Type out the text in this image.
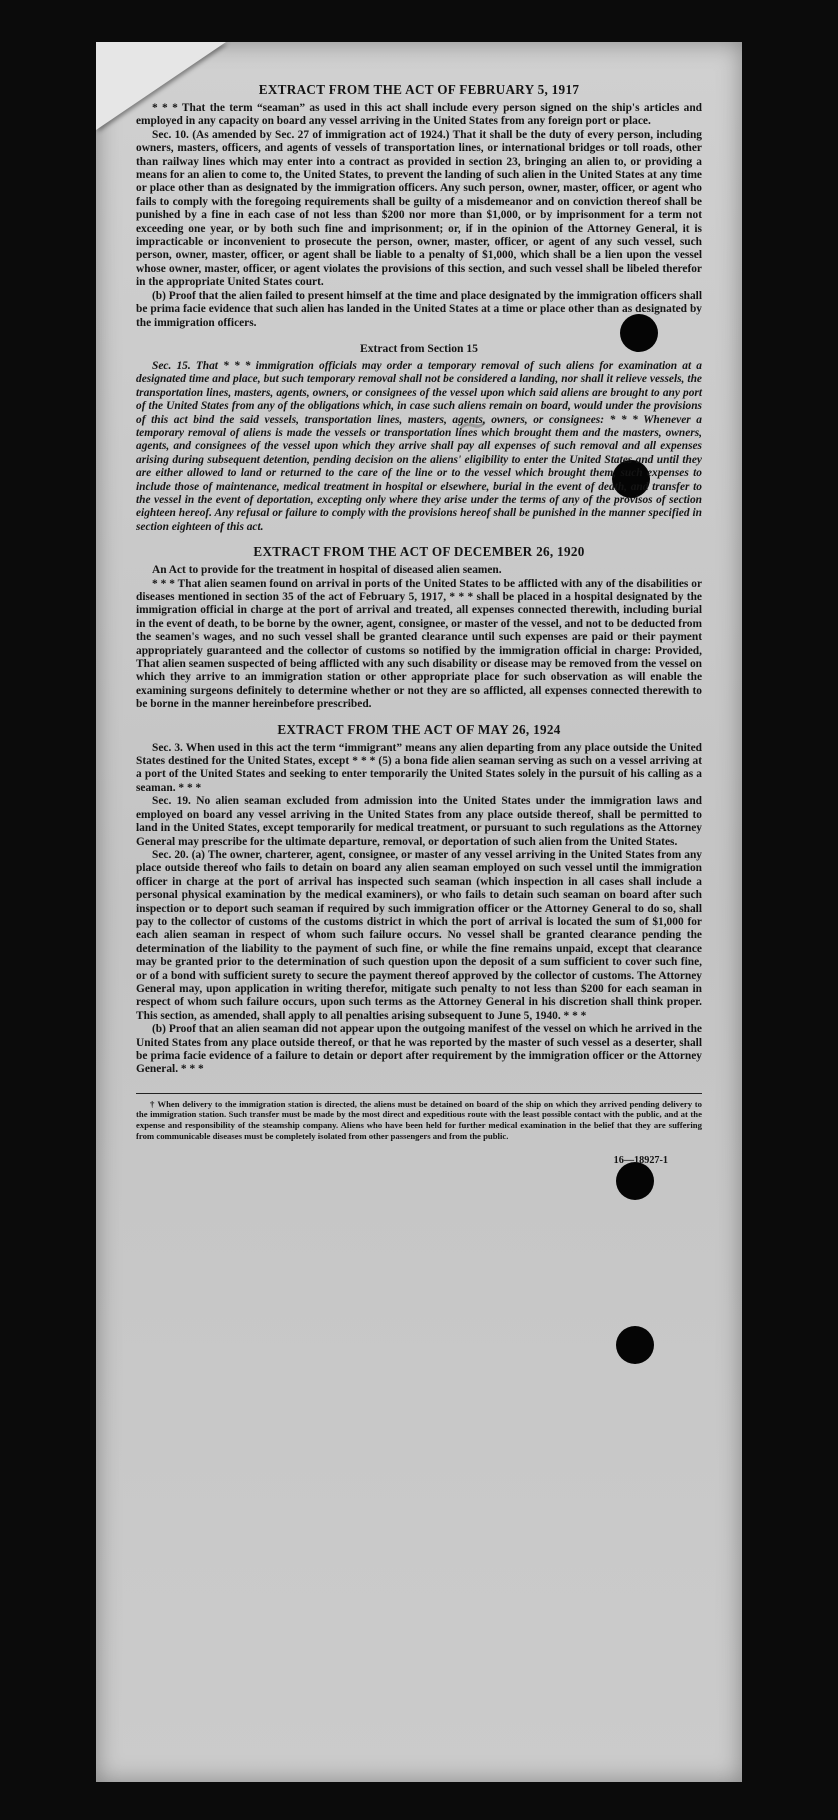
~
EXTRACT FROM THE ACT OF FEBRUARY 5, 1917

* * * That the term “seaman” as used in this act shall include every person signed on the ship's articles and employed in any capacity on board any vessel arriving in the United States from any foreign port or place.

Sec. 10. (As amended by Sec. 27 of immigration act of 1924.) That it shall be the duty of every person, including owners, masters, officers, and agents of vessels of transportation lines, or international bridges or toll roads, other than railway lines which may enter into a contract as provided in section 23, bringing an alien to, or providing a means for an alien to come to, the United States, to prevent the landing of such alien in the United States at any time or place other than as designated by the immigration officers. Any such person, owner, master, officer, or agent who fails to comply with the foregoing requirements shall be guilty of a misdemeanor and on conviction thereof shall be punished by a fine in each case of not less than $200 nor more than $1,000, or by imprisonment for a term not exceeding one year, or by both such fine and imprisonment; or, if in the opinion of the Attorney General, it is impracticable or inconvenient to prosecute the person, owner, master, officer, or agent of any such vessel, such person, owner, master, officer, or agent shall be liable to a penalty of $1,000, which shall be a lien upon the vessel whose owner, master, officer, or agent violates the provisions of this section, and such vessel shall be libeled therefor in the appropriate United States court.

(b) Proof that the alien failed to present himself at the time and place designated by the immigration officers shall be prima facie evidence that such alien has landed in the United States at a time or place other than as designated by the immigration officers.

Extract from Section 15

Sec. 15. That * * * immigration officials may order a temporary removal of such aliens for examination at a designated time and place, but such temporary removal shall not be considered a landing, nor shall it relieve vessels, the transportation lines, masters, agents, owners, or consignees of the vessel upon which said aliens are brought to any port of the United States from any of the obligations which, in case such aliens remain on board, would under the provisions of this act bind the said vessels, transportation lines, masters, agents, owners, or consignees: * * * Whenever a temporary removal of aliens is made the vessels or transportation lines which brought them and the masters, owners, agents, and consignees of the vessel upon which they arrive shall pay all expenses of such removal and all expenses arising during subsequent detention, pending decision on the aliens' eligibility to enter the United States and until they are either allowed to land or returned to the care of the line or to the vessel which brought them, such expenses to include those of maintenance, medical treatment in hospital or elsewhere, burial in the event of death, and transfer to the vessel in the event of deportation, excepting only where they arise under the terms of any of the provisos of section eighteen hereof. Any refusal or failure to comply with the provisions hereof shall be punished in the manner specified in section eighteen of this act.

EXTRACT FROM THE ACT OF DECEMBER 26, 1920

An Act to provide for the treatment in hospital of diseased alien seamen.

* * * That alien seamen found on arrival in ports of the United States to be afflicted with any of the disabilities or diseases mentioned in section 35 of the act of February 5, 1917, * * * shall be placed in a hospital designated by the immigration official in charge at the port of arrival and treated, all expenses connected therewith, including burial in the event of death, to be borne by the owner, agent, consignee, or master of the vessel, and not to be deducted from the seamen's wages, and no such vessel shall be granted clearance until such expenses are paid or their payment appropriately guaranteed and the collector of customs so notified by the immigration official in charge: Provided, That alien seamen suspected of being afflicted with any such disability or disease may be removed from the vessel on which they arrive to an immigration station or other appropriate place for such observation as will enable the examining surgeons definitely to determine whether or not they are so afflicted, all expenses connected therewith to be borne in the manner hereinbefore prescribed.

EXTRACT FROM THE ACT OF MAY 26, 1924

Sec. 3. When used in this act the term “immigrant” means any alien departing from any place outside the United States destined for the United States, except * * * (5) a bona fide alien seaman serving as such on a vessel arriving at a port of the United States and seeking to enter temporarily the United States solely in the pursuit of his calling as a seaman. * * *

Sec. 19. No alien seaman excluded from admission into the United States under the immigration laws and employed on board any vessel arriving in the United States from any place outside thereof, shall be permitted to land in the United States, except temporarily for medical treatment, or pursuant to such regulations as the Attorney General may prescribe for the ultimate departure, removal, or deportation of such alien from the United States.

Sec. 20. (a) The owner, charterer, agent, consignee, or master of any vessel arriving in the United States from any place outside thereof who fails to detain on board any alien seaman employed on such vessel until the immigration officer in charge at the port of arrival has inspected such seaman (which inspection in all cases shall include a personal physical examination by the medical examiners), or who fails to detain such seaman on board after such inspection or to deport such seaman if required by such immigration officer or the Attorney General to do so, shall pay to the collector of customs of the customs district in which the port of arrival is located the sum of $1,000 for each alien seaman in respect of whom such failure occurs. No vessel shall be granted clearance pending the determination of the liability to the payment of such fine, or while the fine remains unpaid, except that clearance may be granted prior to the determination of such question upon the deposit of a sum sufficient to cover such fine, or of a bond with sufficient surety to secure the payment thereof approved by the collector of customs. The Attorney General may, upon application in writing therefor, mitigate such penalty to not less than $200 for each seaman in respect of whom such failure occurs, upon such terms as the Attorney General in his discretion shall think proper. This section, as amended, shall apply to all penalties arising subsequent to June 5, 1940. * * *

(b) Proof that an alien seaman did not appear upon the outgoing manifest of the vessel on which he arrived in the United States from any place outside thereof, or that he was reported by the master of such vessel as a deserter, shall be prima facie evidence of a failure to detain or deport after requirement by the immigration officer or the Attorney General. * * *

† When delivery to the immigration station is directed, the aliens must be detained on board of the ship on which they arrived pending delivery to the immigration station. Such transfer must be made by the most direct and expeditious route with the least possible contact with the public, and at the expense and responsibility of the steamship company. Aliens who have been held for further medical examination in the belief that they are suffering from communicable diseases must be completely isolated from other passengers and from the public.

16—18927-1
